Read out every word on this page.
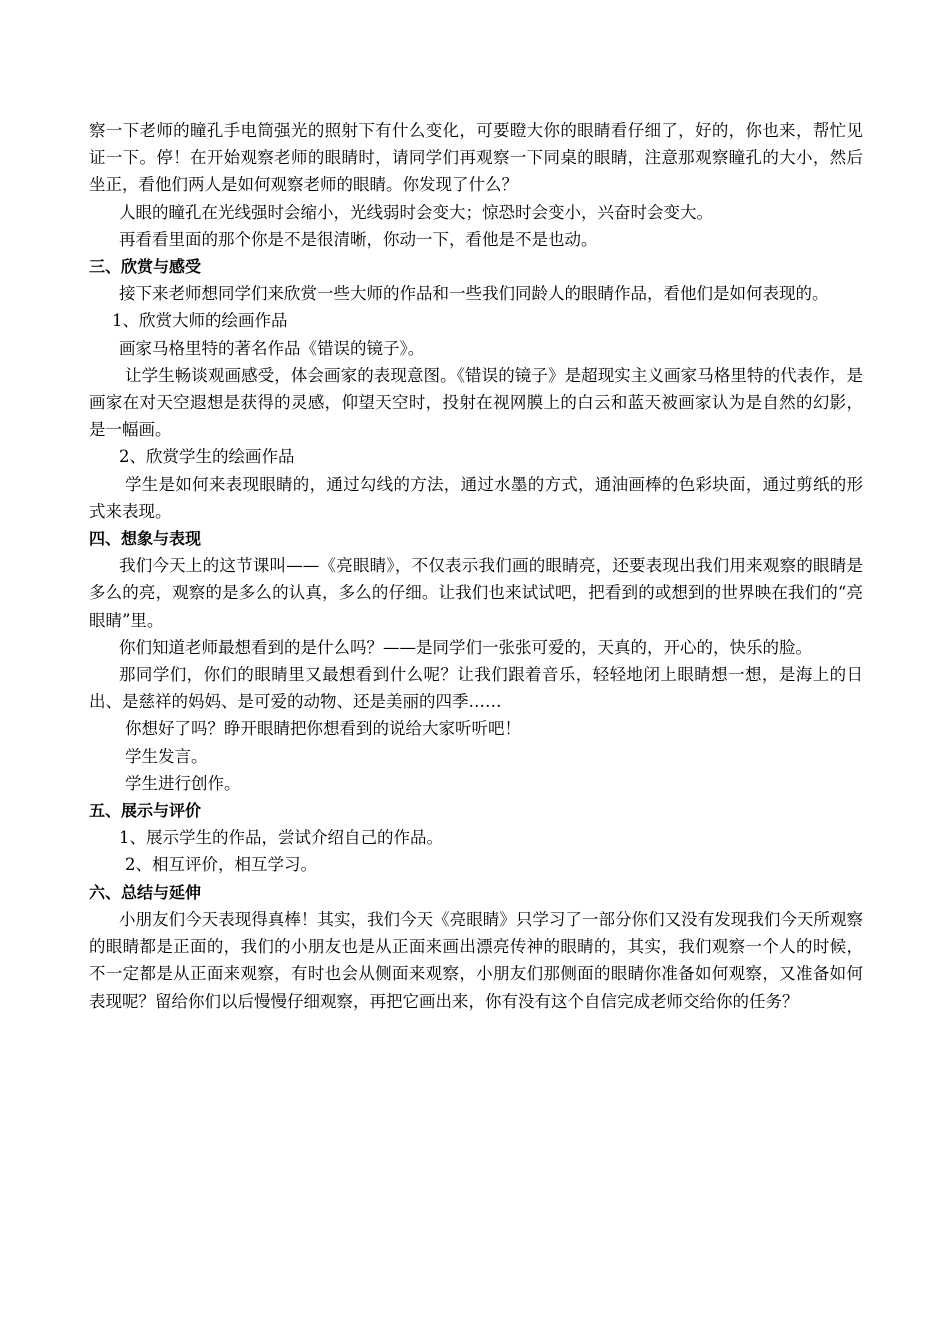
察一下老师的瞳孔手电筒强光的照射下有什么变化，可要瞪大你的眼睛看仔细了，好的，你也来，帮忙见证一下。停！在开始观察老师的眼睛时，请同学们再观察一下同桌的眼睛，注意那观察瞳孔的大小，然后坐正，看他们两人是如何观察老师的眼睛。你发现了什么？

人眼的瞳孔在光线强时会缩小，光线弱时会变大；惊恐时会变小，兴奋时会变大。

再看看里面的那个你是不是很清晰，你动一下，看他是不是也动。

三、欣赏与感受

接下来老师想同学们来欣赏一些大师的作品和一些我们同龄人的眼睛作品，看他们是如何表现的。

1、欣赏大师的绘画作品

画家马格里特的著名作品《错误的镜子》。

让学生畅谈观画感受，体会画家的表现意图。《错误的镜子》是超现实主义画家马格里特的代表作，是画家在对天空遐想是获得的灵感，仰望天空时，投射在视网膜上的白云和蓝天被画家认为是自然的幻影，是一幅画。

2、欣赏学生的绘画作品

学生是如何来表现眼睛的，通过勾线的方法，通过水墨的方式，通油画棒的色彩块面，通过剪纸的形式来表现。

四、想象与表现

我们今天上的这节课叫——《亮眼睛》，不仅表示我们画的眼睛亮，还要表现出我们用来观察的眼睛是多么的亮，观察的是多么的认真，多么的仔细。让我们也来试试吧，把看到的或想到的世界映在我们的“亮眼睛”里。

你们知道老师最想看到的是什么吗？——是同学们一张张可爱的，天真的，开心的，快乐的脸。

那同学们，你们的眼睛里又最想看到什么呢？让我们跟着音乐，轻轻地闭上眼睛想一想，是海上的日出、是慈祥的妈妈、是可爱的动物、还是美丽的四季……

你想好了吗？睁开眼睛把你想看到的说给大家听听吧！

学生发言。

学生进行创作。

五、展示与评价

1、展示学生的作品，尝试介绍自己的作品。

2、相互评价，相互学习。

六、总结与延伸

小朋友们今天表现得真棒！其实，我们今天《亮眼睛》只学习了一部分你们又没有发现我们今天所观察的眼睛都是正面的，我们的小朋友也是从正面来画出漂亮传神的眼睛的，其实，我们观察一个人的时候，不一定都是从正面来观察，有时也会从侧面来观察，小朋友们那侧面的眼睛你准备如何观察，又准备如何表现呢？留给你们以后慢慢仔细观察，再把它画出来，你有没有这个自信完成老师交给你的任务？
